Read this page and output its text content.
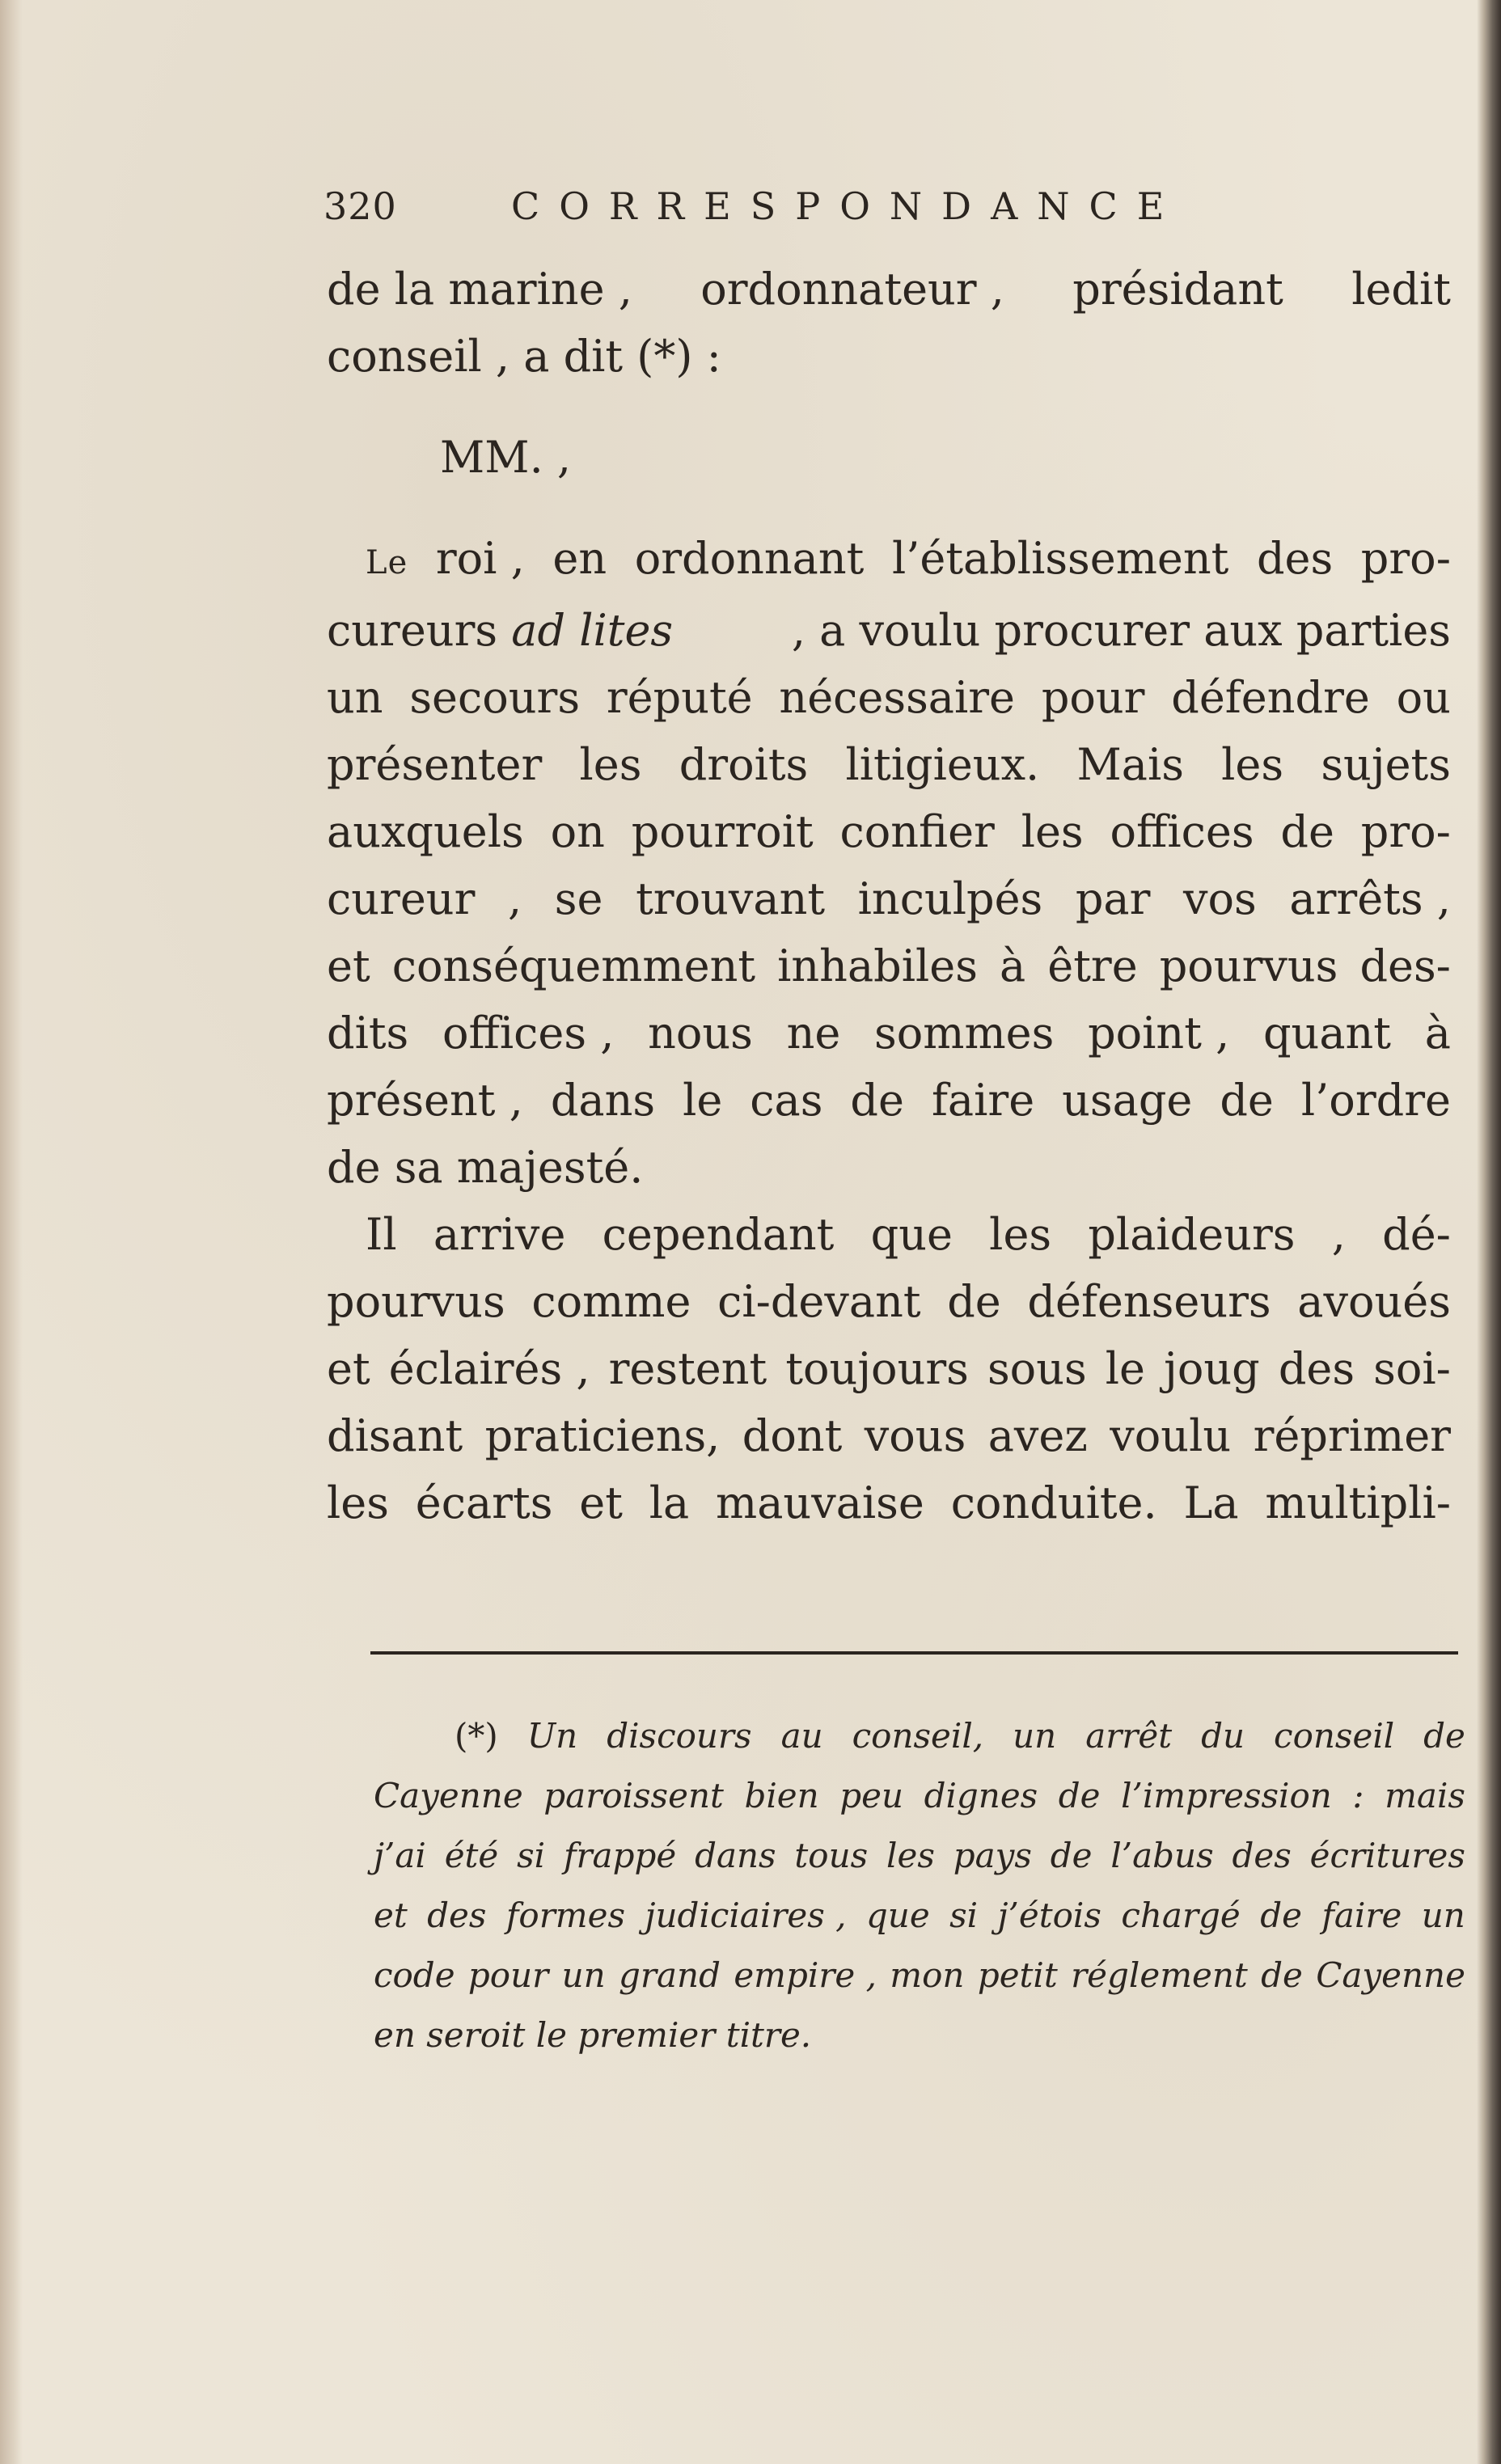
320	CORRESPONDANCE
de la marine , ordonnateur , présidant ledit
conseil , a dit (*) :
MM. ,
Le roi , en ordonnant l’établissement des pro-
cureurs ad lites	, a voulu procurer aux parties
un secours réputé nécessaire pour défendre ou
présenter les droits litigieux. Mais les sujets
auxquels on pourroit confier les offices de pro-
cureur , se trouvant inculpés par vos arrêts ,
et conséquemment inhabiles à être pourvus des-
dits offices , nous ne sommes point , quant à
présent , dans le cas de faire usage de l’ordre
de sa majesté.
Il arrive cependant que les plaideurs , dé-
pourvus comme ci-devant de défenseurs avoués
et éclairés , restent toujours sous le joug des soi-
disant praticiens, dont vous avez voulu réprimer
les écarts et la mauvaise conduite. La multipli-
(*) Un discours au conseil, un arrêt du conseil de
Cayenne paroissent bien peu dignes de l’impression : mais
j’ai été si frappé dans tous les pays de l’abus des écritures
et des formes judiciaires , que si j’étois chargé de faire un
code pour un grand empire , mon petit réglement de Cayenne
en seroit le premier titre.
